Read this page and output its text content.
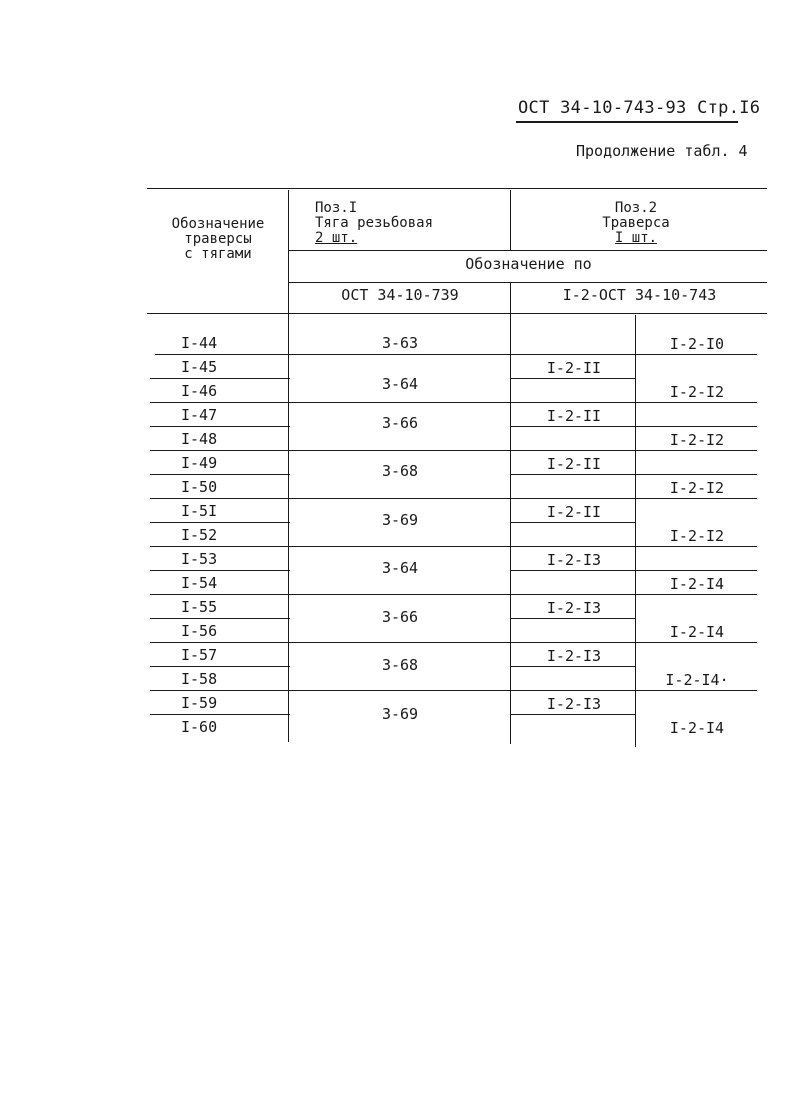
ОСТ 34-10-743-93 Стр.I6
Продолжение табл. 4
Обозначение
траверсы
с тягами
Поз.I
Тяга резьбовая
2 шт.
Поз.2
Траверса
I шт.
Обозначение по
ОСТ 34-10-739	I-2-ОСТ 34-10-743
I-44
I-45
I-46
I-47
I-48
I-49
I-50
I-5I
I-52
I-53
I-54
I-55
I-56
I-57
I-58
I-59
I-60
3-63
3-64
3-66
3-68
3-69
3-64
3-66
3-68
3-69
I-2-I0
I-2-II
I-2-I2
I-2-II
I-2-I2
I-2-II
I-2-I2
I-2-II
I-2-I2
I-2-I3
I-2-I4
I-2-I3
I-2-I4
I-2-I3
I-2-I4·
I-2-I3
I-2-I4
